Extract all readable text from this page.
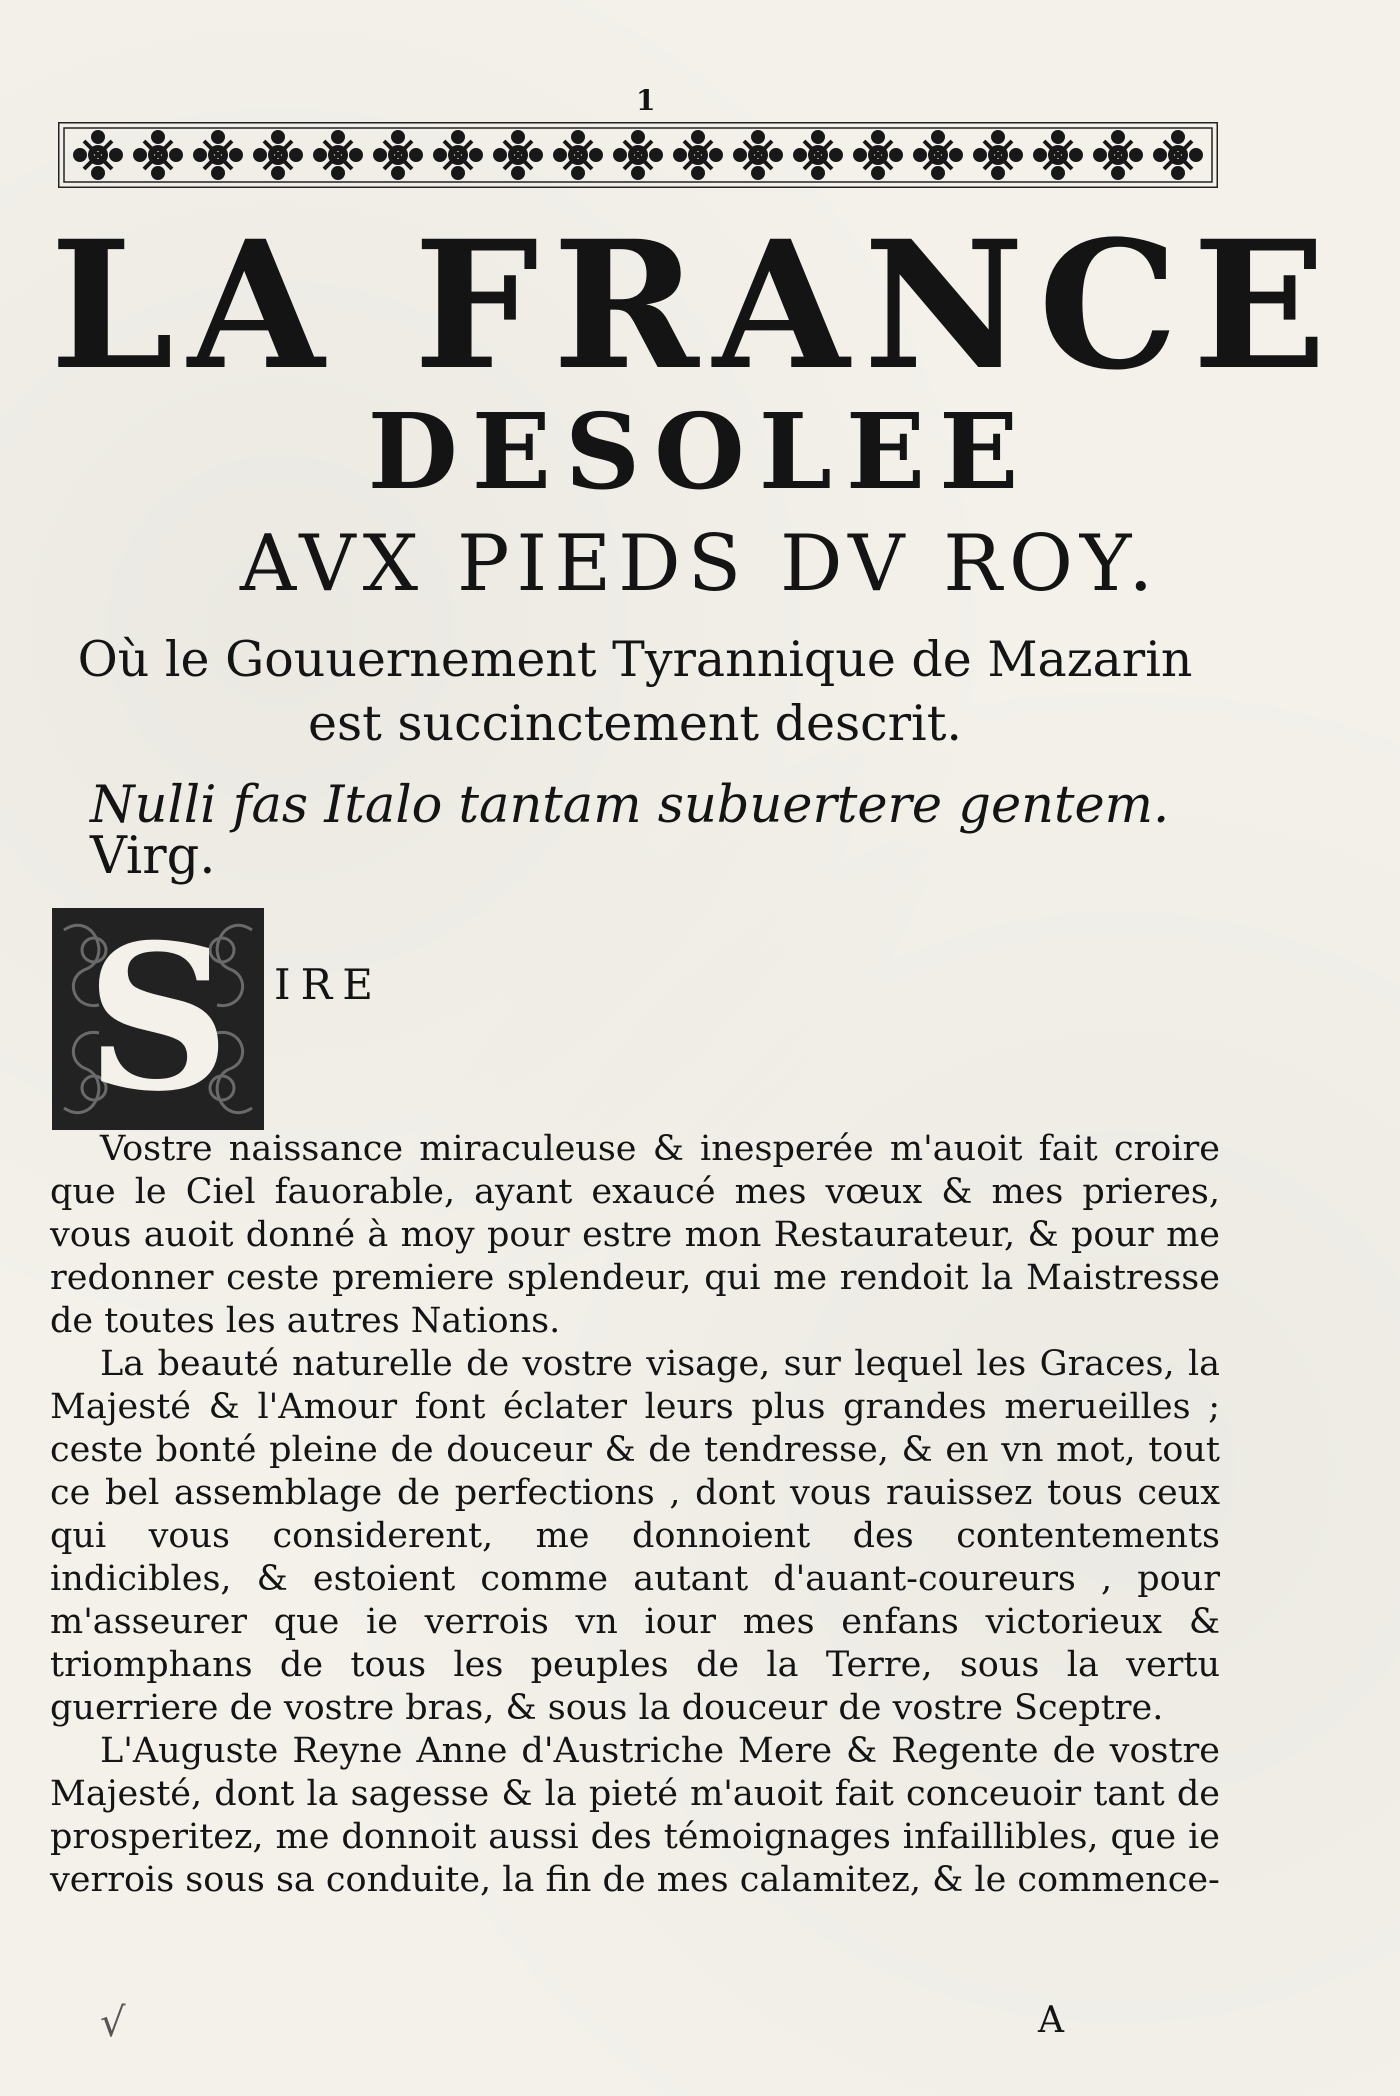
1
LA FRANCE
DESOLEE
AVX PIEDS DV ROY.
Où le Gouuernement Tyrannique de Mazarin est succinctement descrit.
Nulli fas Italo tantam subuertere gentem. Virg.
S	IRE

Vostre naissance miraculeuse & inesperée m'auoit fait croire que le Ciel fauorable, ayant exaucé mes vœux & mes prieres, vous auoit donné à moy pour estre mon Restaurateur, & pour me redonner ceste premiere splendeur, qui me rendoit la Maistresse de toutes les autres Nations.

La beauté naturelle de vostre visage, sur lequel les Graces, la Majesté & l'Amour font éclater leurs plus grandes merueilles ; ceste bonté pleine de douceur & de tendresse, & en vn mot, tout ce bel assemblage de perfections , dont vous rauissez tous ceux qui vous considerent, me donnoient des contentements indicibles, & estoient comme autant d'auant-coureurs , pour m'asseurer que ie verrois vn iour mes enfans victorieux & triomphans de tous les peuples de la Terre, sous la vertu guerriere de vostre bras, & sous la douceur de vostre Sceptre.

L'Auguste Reyne Anne d'Austriche Mere & Regente de vostre Majesté, dont la sagesse & la pieté m'auoit fait conceuoir tant de prosperitez, me donnoit aussi des témoignages infaillibles, que ie verrois sous sa conduite, la fin de mes calamitez, & le commence-

√	A
